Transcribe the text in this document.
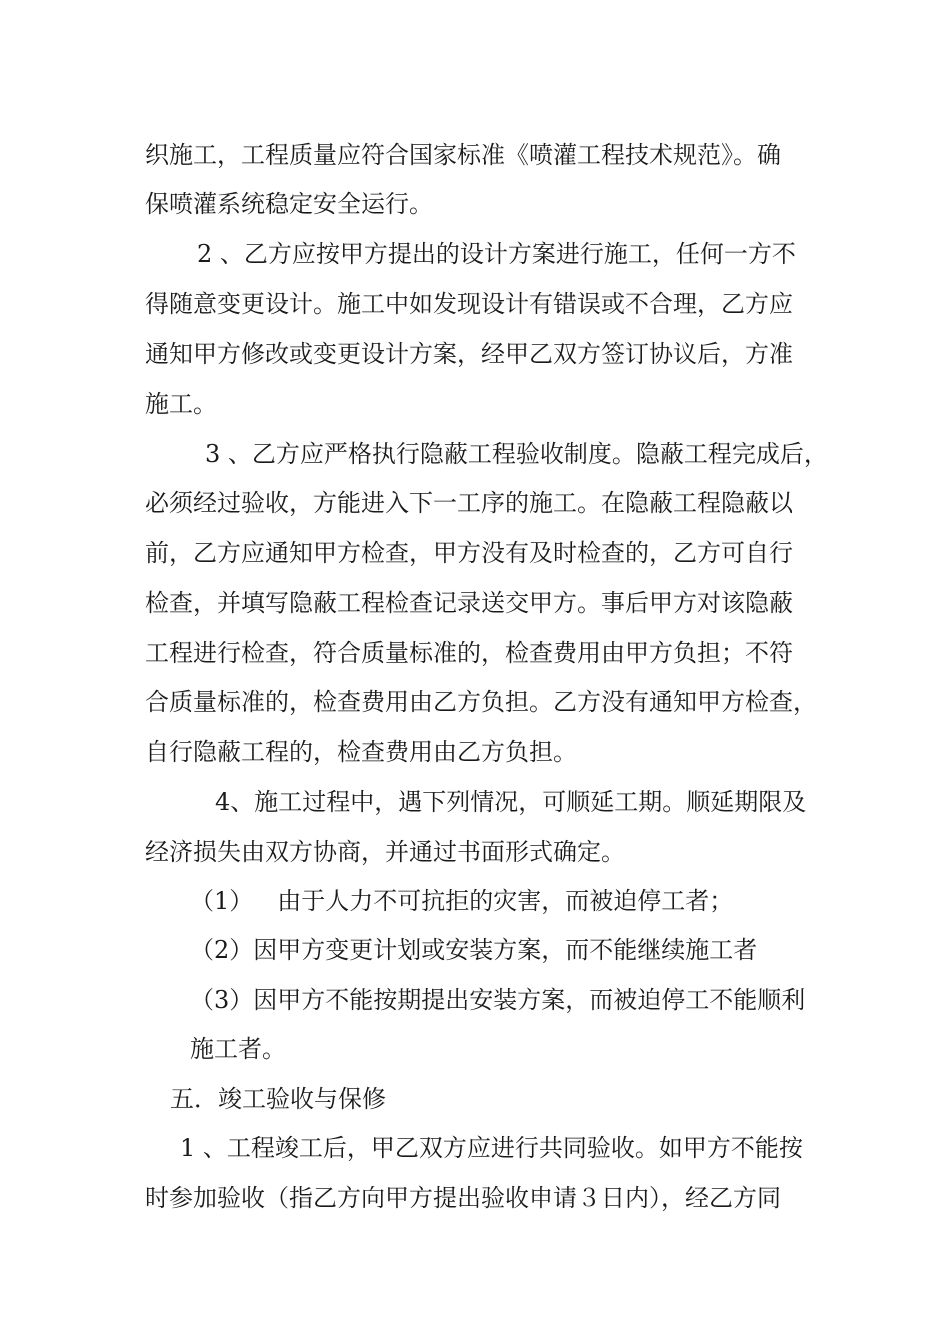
织施工，工程质量应符合国家标准《喷灌工程技术规范》。确
保喷灌系统稳定安全运行。
2 、乙方应按甲方提出的设计方案进行施工，任何一方不
得随意变更设计。施工中如发现设计有错误或不合理，乙方应
通知甲方修改或变更设计方案，经甲乙双方签订协议后，方准
施工。
3 、乙方应严格执行隐蔽工程验收制度。隐蔽工程完成后，
必须经过验收，方能进入下一工序的施工。在隐蔽工程隐蔽以
前，乙方应通知甲方检查，甲方没有及时检查的，乙方可自行
检查，并填写隐蔽工程检查记录送交甲方。事后甲方对该隐蔽
工程进行检查，符合质量标准的，检查费用由甲方负担；不符
合质量标准的，检查费用由乙方负担。乙方没有通知甲方检查，
自行隐蔽工程的，检查费用由乙方负担。
4、施工过程中，遇下列情况，可顺延工期。顺延期限及
经济损失由双方协商，并通过书面形式确定。
（1） 由于人力不可抗拒的灾害，而被迫停工者；
（2）因甲方变更计划或安装方案，而不能继续施工者
（3）因甲方不能按期提出安装方案，而被迫停工不能顺利
施工者。
五．竣工验收与保修
1 、工程竣工后，甲乙双方应进行共同验收。如甲方不能按
时参加验收（指乙方向甲方提出验收申请３日内），经乙方同
